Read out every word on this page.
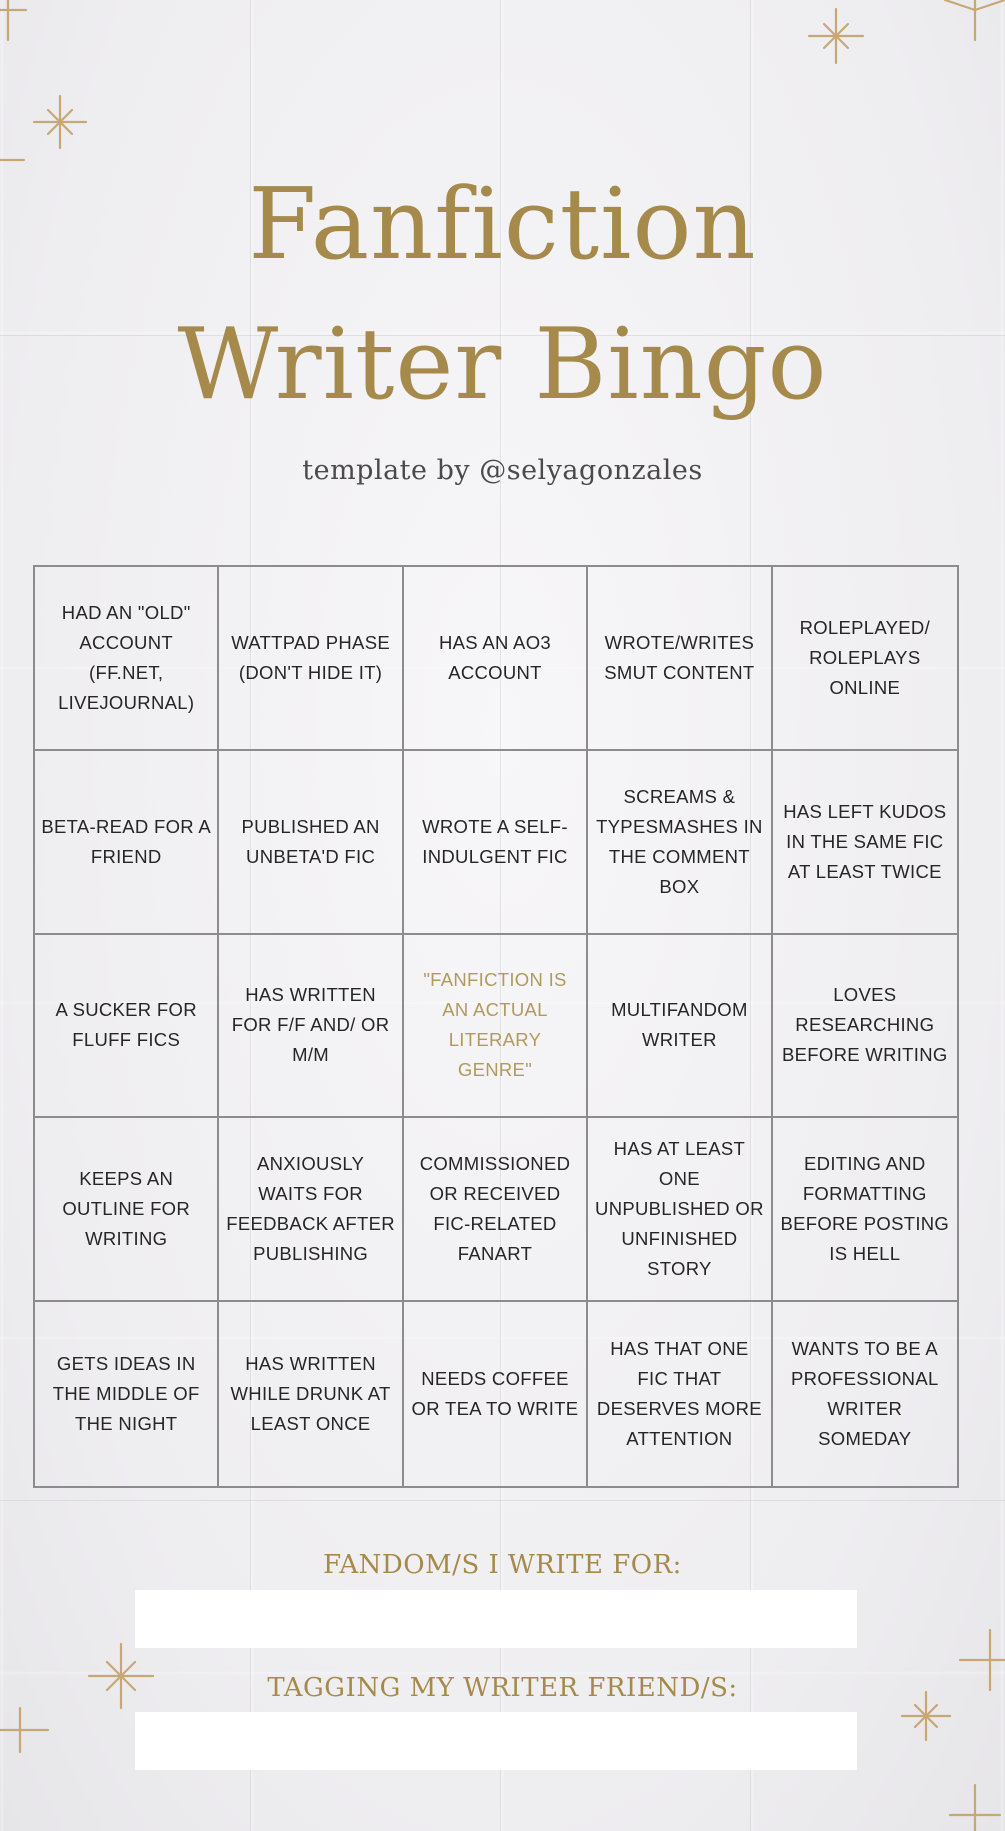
Fanfiction
Writer Bingo
template by @selyagonzales
HAD AN "OLD" ACCOUNT (FF.NET, LIVEJOURNAL)
WATTPAD PHASE (DON'T HIDE IT)
HAS AN AO3 ACCOUNT
WROTE/WRITES SMUT CONTENT
ROLEPLAYED/ ROLEPLAYS ONLINE
BETA-READ FOR A FRIEND
PUBLISHED AN UNBETA'D FIC
WROTE A SELF-INDULGENT FIC
SCREAMS & TYPESMASHES IN THE COMMENT BOX
HAS LEFT KUDOS IN THE SAME FIC AT LEAST TWICE
A SUCKER FOR FLUFF FICS
HAS WRITTEN FOR F/F AND/ OR M/M
"FANFICTION IS AN ACTUAL LITERARY GENRE"
MULTIFANDOM WRITER
LOVES RESEARCHING BEFORE WRITING
KEEPS AN OUTLINE FOR WRITING
ANXIOUSLY WAITS FOR FEEDBACK AFTER PUBLISHING
COMMISSIONED OR RECEIVED FIC-RELATED FANART
HAS AT LEAST ONE UNPUBLISHED OR UNFINISHED STORY
EDITING AND FORMATTING BEFORE POSTING IS HELL
GETS IDEAS IN THE MIDDLE OF THE NIGHT
HAS WRITTEN WHILE DRUNK AT LEAST ONCE
NEEDS COFFEE OR TEA TO WRITE
HAS THAT ONE FIC THAT DESERVES MORE ATTENTION
WANTS TO BE A PROFESSIONAL WRITER SOMEDAY
FANDOM/S I WRITE FOR:
TAGGING MY WRITER FRIEND/S:
